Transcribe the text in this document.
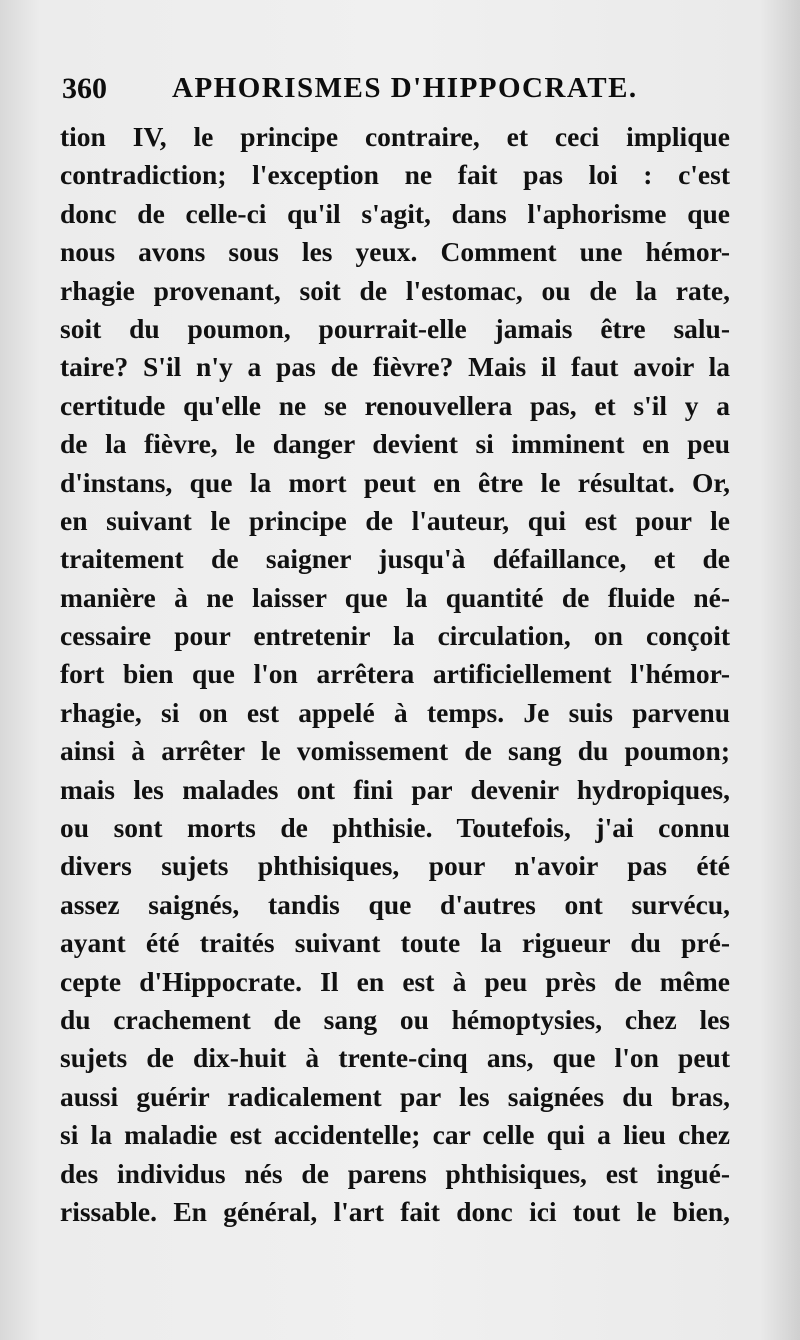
360 APHORISMES D'HIPPOCRATE.
tion IV, le principe contraire, et ceci implique
contradiction; l'exception ne fait pas loi : c'est
donc de celle-ci qu'il s'agit, dans l'aphorisme que
nous avons sous les yeux. Comment une hémor-
rhagie provenant, soit de l'estomac, ou de la rate,
soit du poumon, pourrait-elle jamais être salu-
taire? S'il n'y a pas de fièvre? Mais il faut avoir la
certitude qu'elle ne se renouvellera pas, et s'il y a
de la fièvre, le danger devient si imminent en peu
d'instans, que la mort peut en être le résultat. Or,
en suivant le principe de l'auteur, qui est pour le
traitement de saigner jusqu'à défaillance, et de
manière à ne laisser que la quantité de fluide né-
cessaire pour entretenir la circulation, on conçoit
fort bien que l'on arrêtera artificiellement l'hémor-
rhagie, si on est appelé à temps. Je suis parvenu
ainsi à arrêter le vomissement de sang du poumon;
mais les malades ont fini par devenir hydropiques,
ou sont morts de phthisie. Toutefois, j'ai connu
divers sujets phthisiques, pour n'avoir pas été
assez saignés, tandis que d'autres ont survécu,
ayant été traités suivant toute la rigueur du pré-
cepte d'Hippocrate. Il en est à peu près de même
du crachement de sang ou hémoptysies, chez les
sujets de dix-huit à trente-cinq ans, que l'on peut
aussi guérir radicalement par les saignées du bras,
si la maladie est accidentelle; car celle qui a lieu chez
des individus nés de parens phthisiques, est ingué-
rissable. En général, l'art fait donc ici tout le bien,
